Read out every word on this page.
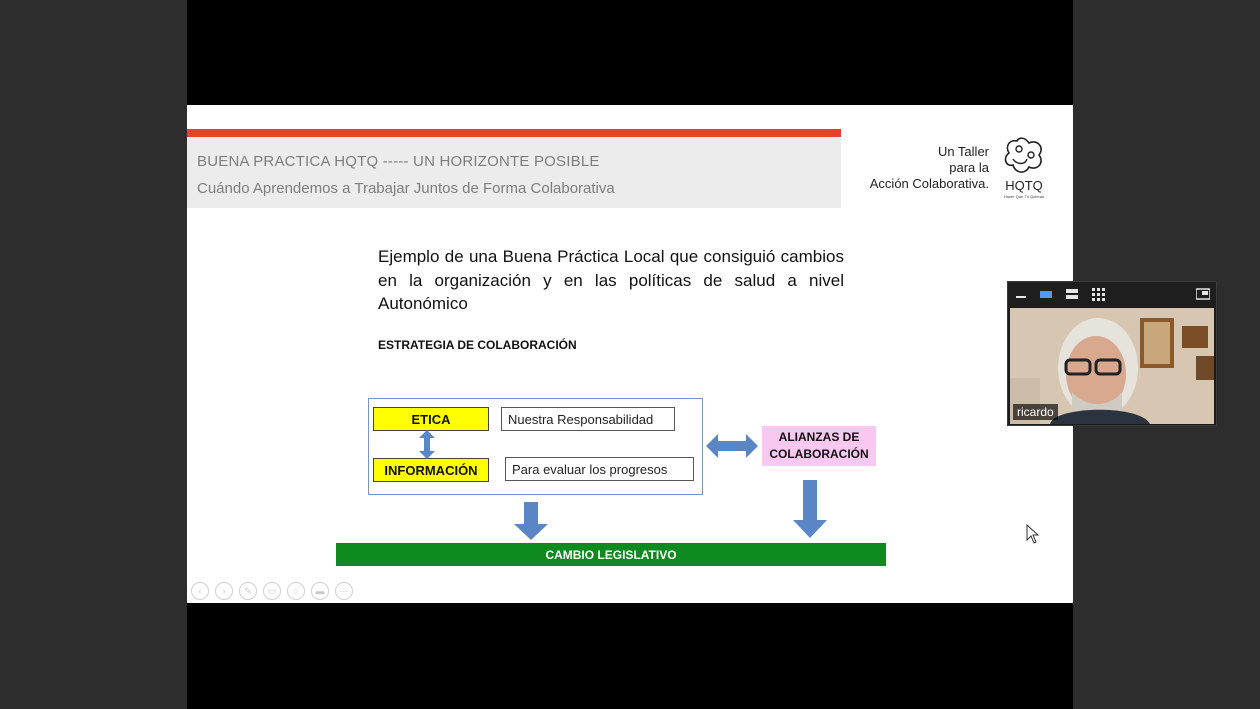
BUENA PRACTICA HQTQ ----- UN HORIZONTE POSIBLE
Cuándo Aprendemos a Trabajar Juntos de Forma Colaborativa
Un Taller
para la
Acción Colaborativa. HQTQ
Hacer Que Tú Quieras
Ejemplo de una Buena Práctica Local que consiguió cambios en la organización y en las políticas de salud a nivel Autonómico
ESTRATEGIA DE COLABORACIÓN
ETICA	Nuestra Responsabilidad
INFORMACIÓN	Para evaluar los progresos
ALIANZAS DE COLABORACIÓN
CAMBIO LEGISLATIVO
‹	›	✎	▭	○	▬	⋯
ricardo
